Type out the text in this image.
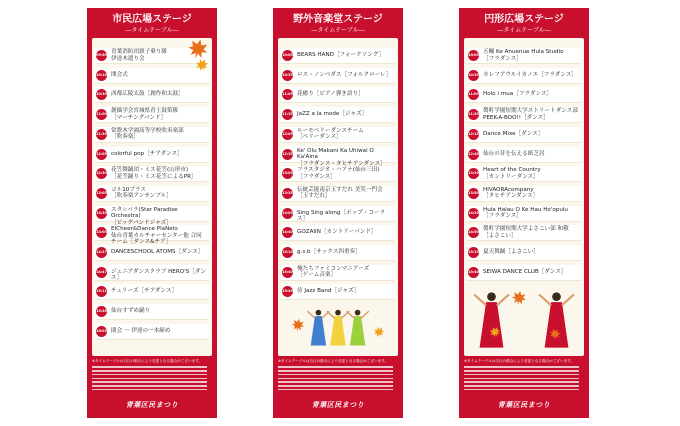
市民広場ステージ
―タイムテーブル―
09:50 青葉消防団旗子乗り隊
伊達木遣り会
10:10 開会式
10:30 西都広陵太鼓［創作和太鼓］
11:00 創価学会宮城県青土鼓笛隊
［マーチングバンド］
11:30 常盤木学園高等学校吹奏楽部
［吹奏楽］
12:05 colorful pop［チアダンス］
12:30 花笠舞踊団・ミス花笠(山形市)
［花笠踊り・ミス花笠によるPR］
13:05 ゴル10ブラス
［吹奏楽アンサンブル］
13:35 スタ☆パラ(Star Paradise Orchestra)
［ビッグバンドジャズ］
14:05 EICheer&Dance PlaNets
仙台青葉カルチャーセンター他 合同チーム［ダンス&チア］
14:27 DANCESCHOOL ATOMS［ダンス］
14:47 ジュニアダンスクラブ HERO'S［ダンス］
15:11 チェリーズ［チアダンス］
15:35 仙台すずめ踊り
16:03 閉会 ～ 伊達の一本締め
※タイムテーブルは当日の都合により変更となる場合がございます。
青葉区民まつり
野外音楽堂ステージ
―タイムテーブル―
10:05 BEARS HAND［フォークソング］
10:35 ロス・ノンベダス［フォルクローレ］
11:05 花癒り［ピアノ弾き語り］
11:35 JaZZ a la mode［ジャズ］
12:05 ルーモベリーダンスチーム
［ベリーダンス］
12:35 Ke' Olu Makani Ka Uhiwai O Ka'Aina
［フラダンス・タヒチアンダンス］
13:05 フラスタジオ・ハアナ(仙台三田)
［フラダンス］
13:35 伝統芸能南京玉すだれ 美笑一門会
［玉すだれ］
14:05 Sing Sing along［ポップ・コーラス］
14:40 GOZAIIN［カントリーバンド］
15:10 g.s.b［サックス四重奏］
15:40 俺たちファミコンマニアーズ
［ゲーム音楽］
15:40 侍 Jazz Band［ジャズ］
※タイムテーブルは当日の都合により変更となる場合がございます。
青葉区民まつり
円形広場ステージ
―タイムテーブル―
10:05 五楓 Ke Anuenue Hula Studio
［フラダンス］
10:35 カレフアウルイカノエ［フラダンス］
11:05 Holo i mua［フラダンス］
11:35 製町学園短期大学ストリートダンス部
PEEK-A-BOO!!［ダンス］
12:15 Dance Mixe［ダンス］
12:45 仙台の昔を伝える紙芝居
13:20 Heart of the Country
［カントリーダンス］
13:50 HIVAORAcompany
［タヒチアンダンス］
14:20 Hula Halau O Ke Hau Ho'opulu
［フラダンス］
14:50 製町学園短期大学よさこい部 和敬
［よさこい］
15:15 夏天舞踊［よさこい］
15:40 SEIWA DANCE CLUB［ダンス］
※タイムテーブルは当日の都合により変更となる場合がございます。
青葉区民まつり
